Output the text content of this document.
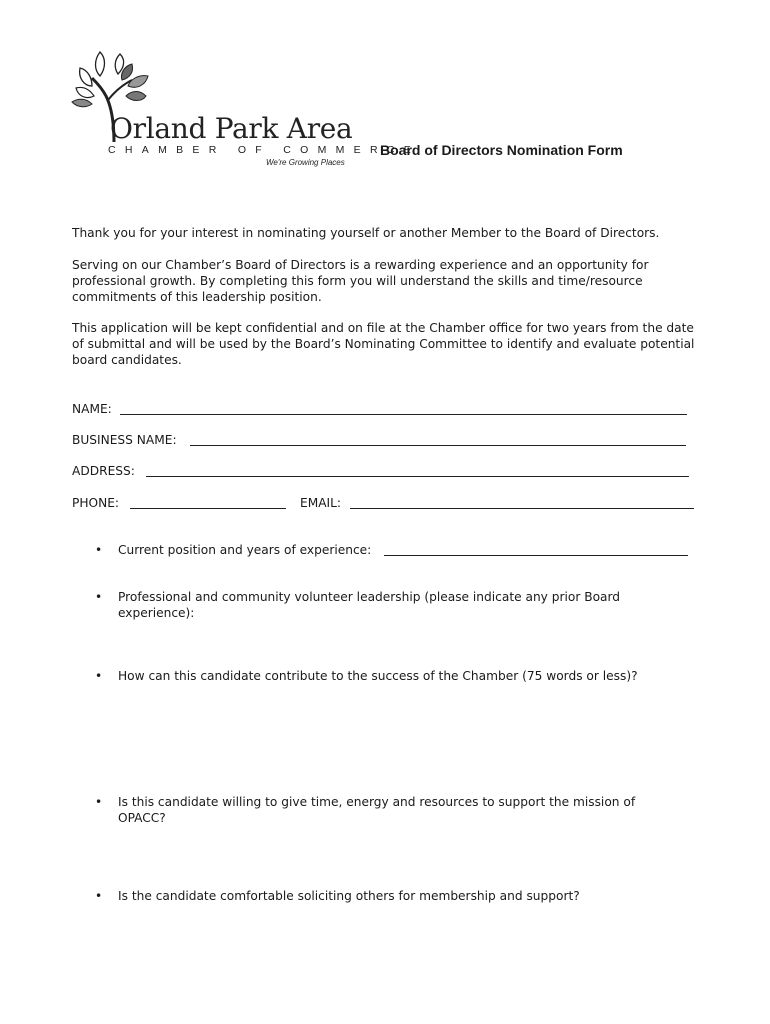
Orland Park Area
CHAMBER OF COMMERCE
We're Growing Places
Board of Directors Nomination Form

Thank you for your interest in nominating yourself or another Member to the Board of Directors.

Serving on our Chamber’s Board of Directors is a rewarding experience and an opportunity for professional growth. By completing this form you will understand the skills and time/resource commitments of this leadership position.

This application will be kept confidential and on file at the Chamber office for two years from the date of submittal and will be used by the Board’s Nominating Committee to identify and evaluate potential board candidates.

NAME:
BUSINESS NAME:
ADDRESS:
PHONE:	EMAIL:
• Current position and years of experience:
• Professional and community volunteer leadership (please indicate any prior Board experience):

• How can this candidate contribute to the success of the Chamber (75 words or less)?

• Is this candidate willing to give time, energy and resources to support the mission of OPACC?

• Is the candidate comfortable soliciting others for membership and support?
